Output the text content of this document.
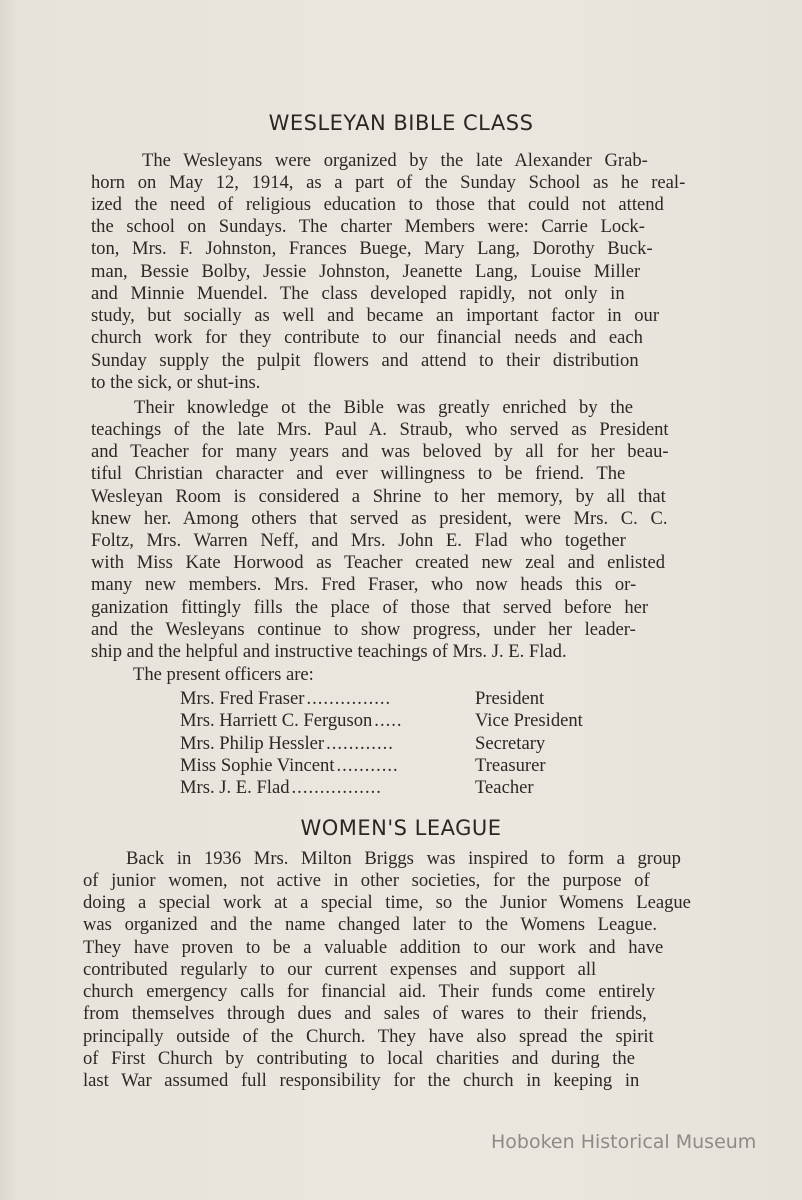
WESLEYAN BIBLE CLASS
The Wesleyans were organized by the late Alexander Grab-
horn on May 12, 1914, as a part of the Sunday School as he real-
ized the need of religious education to those that could not attend
the school on Sundays. The charter Members were: Carrie Lock-
ton, Mrs. F. Johnston, Frances Buege, Mary Lang, Dorothy Buck-
man, Bessie Bolby, Jessie Johnston, Jeanette Lang, Louise Miller
and Minnie Muendel. The class developed rapidly, not only in
study, but socially as well and became an important factor in our
church work for they contribute to our financial needs and each
Sunday supply the pulpit flowers and attend to their distribution
to the sick, or shut-ins.
Their knowledge ot the Bible was greatly enriched by the
teachings of the late Mrs. Paul A. Straub, who served as President
and Teacher for many years and was beloved by all for her beau-
tiful Christian character and ever willingness to be friend. The
Wesleyan Room is considered a Shrine to her memory, by all that
knew her. Among others that served as president, were Mrs. C. C.
Foltz, Mrs. Warren Neff, and Mrs. John E. Flad who together
with Miss Kate Horwood as Teacher created new zeal and enlisted
many new members. Mrs. Fred Fraser, who now heads this or-
ganization fittingly fills the place of those that served before her
and the Wesleyans continue to show progress, under her leader-
ship and the helpful and instructive teachings of Mrs. J. E. Flad.
The present officers are:
Mrs. Fred Fraser ...............	President
Mrs. Harriett C. Ferguson .....	Vice President
Mrs. Philip Hessler ............	Secretary
Miss Sophie Vincent ...........	Treasurer
Mrs. J. E. Flad ................	Teacher
WOMEN'S LEAGUE
Back in 1936 Mrs. Milton Briggs was inspired to form a group
of junior women, not active in other societies, for the purpose of
doing a special work at a special time, so the Junior Womens League
was organized and the name changed later to the Womens League.
They have proven to be a valuable addition to our work and have
contributed regularly to our current expenses and support all
church emergency calls for financial aid. Their funds come entirely
from themselves through dues and sales of wares to their friends,
principally outside of the Church. They have also spread the spirit
of First Church by contributing to local charities and during the
last War assumed full responsibility for the church in keeping in
Hoboken Historical Museum
